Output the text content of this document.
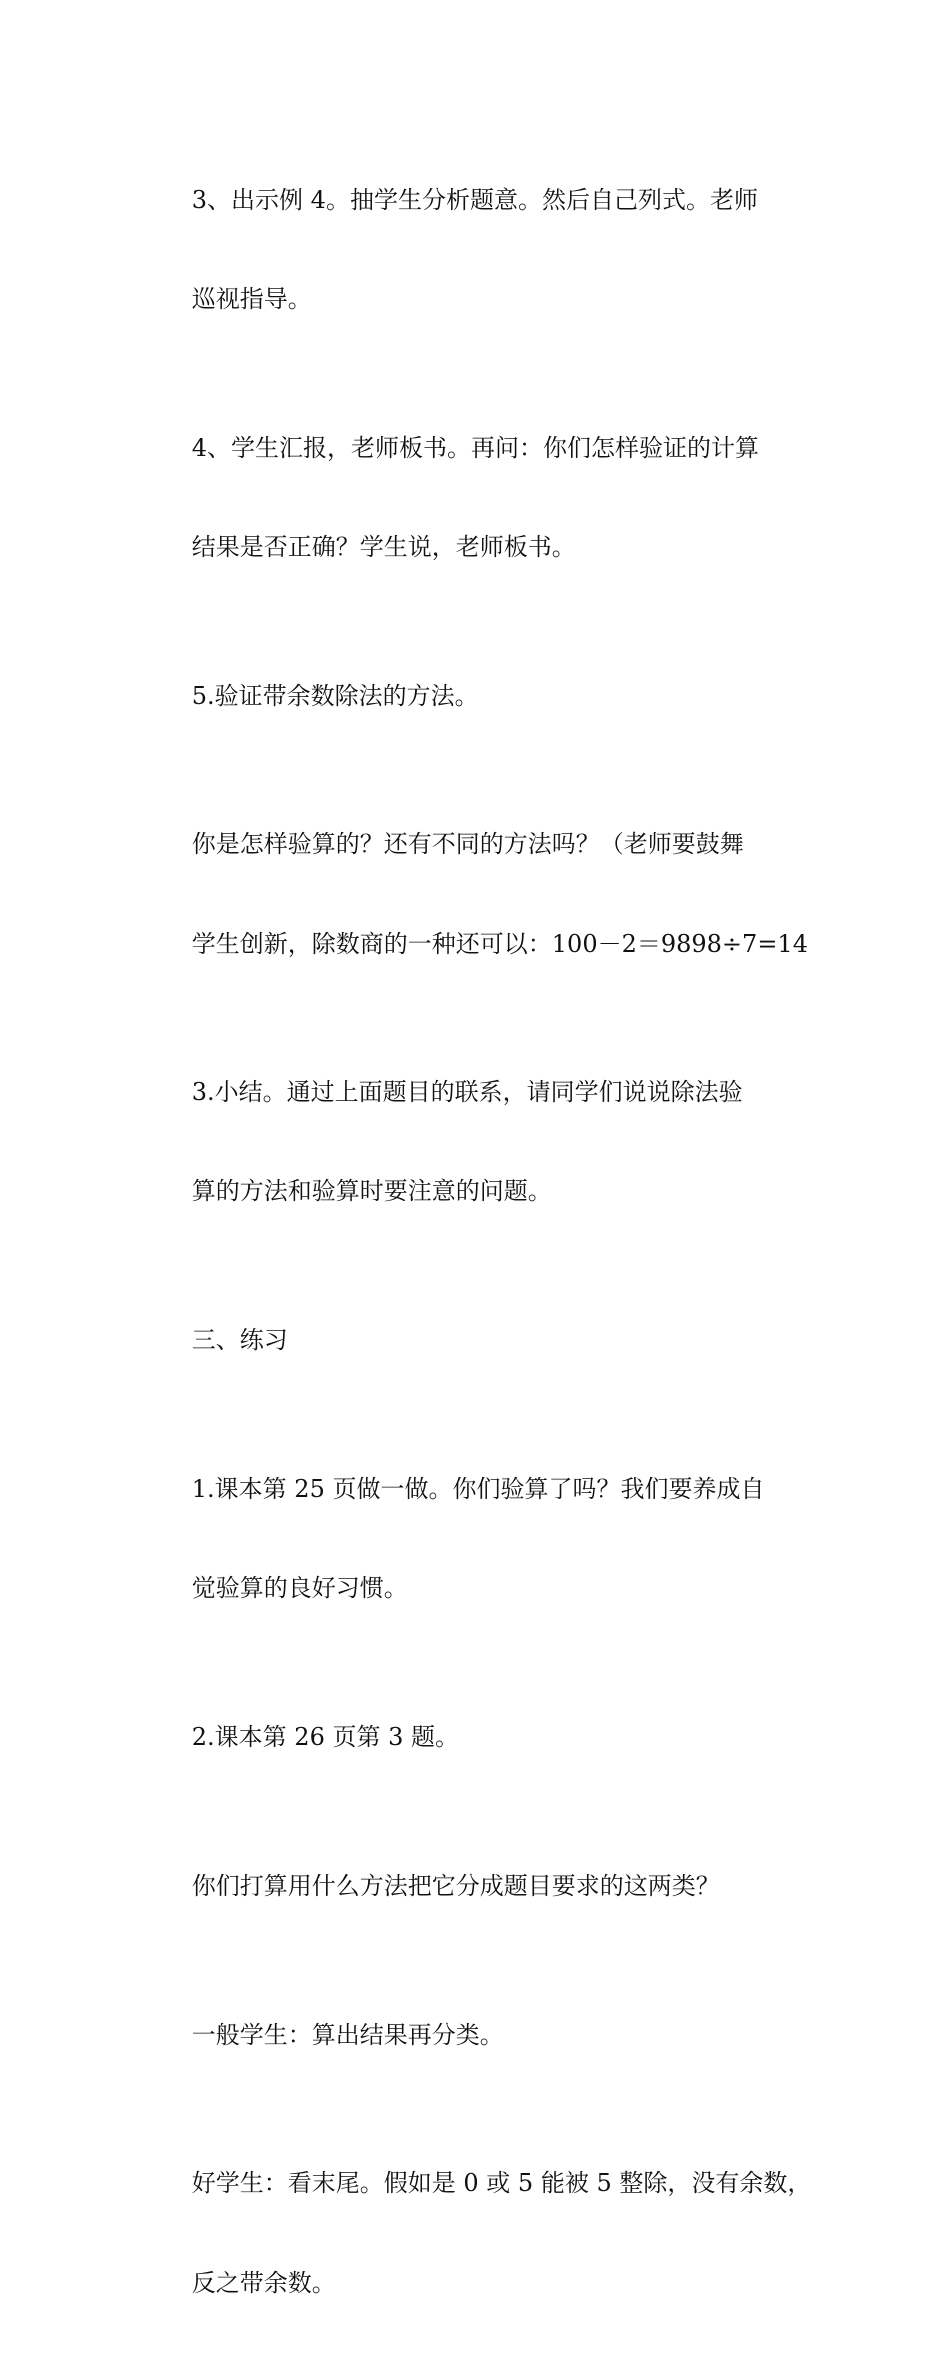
3、出示例 4。抽学生分析题意。然后自己列式。老师

巡视指导。

4、学生汇报，老师板书。再问：你们怎样验证的计算

结果是否正确？学生说，老师板书。

5.验证带余数除法的方法。

你是怎样验算的？还有不同的方法吗？（老师要鼓舞

学生创新，除数商的一种还可以：100－2＝9898÷7=14

3.小结。通过上面题目的联系，请同学们说说除法验

算的方法和验算时要注意的问题。

三、练习

1.课本第 25 页做一做。你们验算了吗？我们要养成自

觉验算的良好习惯。

2.课本第 26 页第 3 题。

你们打算用什么方法把它分成题目要求的这两类？

一般学生：算出结果再分类。

好学生：看末尾。假如是 0 或 5 能被 5 整除，没有余数，

反之带余数。
